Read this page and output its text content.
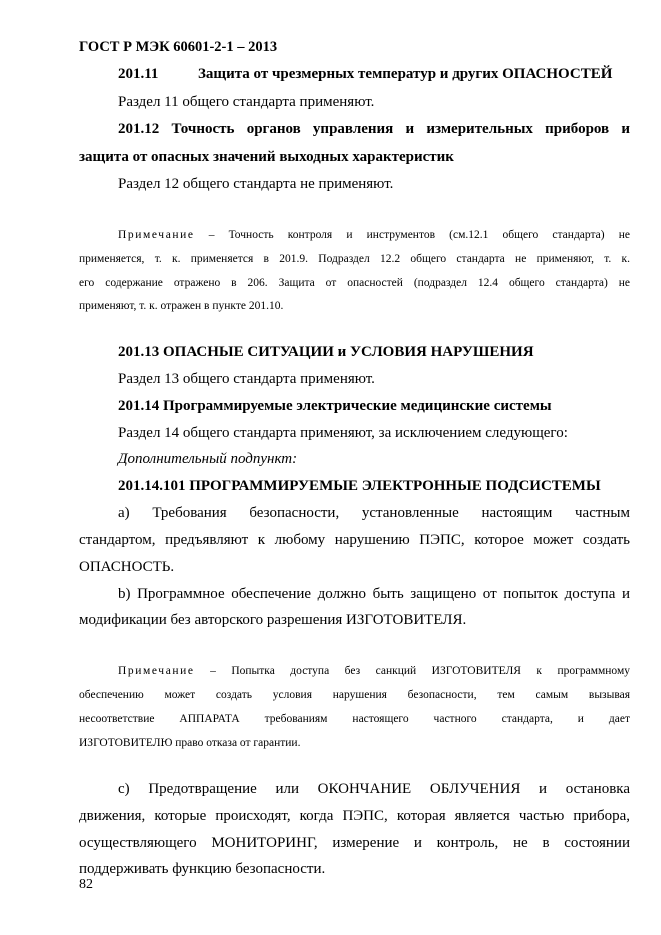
ГОСТ Р МЭК 60601-2-1 – 2013
201.11	Защита от чрезмерных температур и других ОПАСНОСТЕЙ
Раздел 11 общего стандарта применяют.
201.12 Точность органов управления и измерительных приборов и
защита от опасных значений выходных характеристик
Раздел 12 общего стандарта не применяют.
Примечание – Точность контроля и инструментов (см.12.1 общего стандарта) не
применяется, т. к. применяется в 201.9. Подраздел 12.2 общего стандарта не применяют, т. к.
его содержание отражено в 206. Защита от опасностей (подраздел 12.4 общего стандарта) не
применяют, т. к. отражен в пункте 201.10.
201.13 ОПАСНЫЕ СИТУАЦИИ и УСЛОВИЯ НАРУШЕНИЯ
Раздел 13 общего стандарта применяют.
201.14 Программируемые электрические медицинские системы
Раздел 14 общего стандарта применяют, за исключением следующего:
Дополнительный подпункт:
201.14.101 ПРОГРАММИРУЕМЫЕ ЭЛЕКТРОННЫЕ ПОДСИСТЕМЫ
а) Требования безопасности, установленные настоящим частным
стандартом, предъявляют к любому нарушению ПЭПС, которое может создать
ОПАСНОСТЬ.
b) Программное обеспечение должно быть защищено от попыток доступа и
модификации без авторского разрешения ИЗГОТОВИТЕЛЯ.
Примечание – Попытка доступа без санкций ИЗГОТОВИТЕЛЯ к программному
обеспечению может создать условия нарушения безопасности, тем самым вызывая
несоответствие АППАРАТА требованиям настоящего частного стандарта, и дает
ИЗГОТОВИТЕЛЮ право отказа от гарантии.
с) Предотвращение или ОКОНЧАНИЕ ОБЛУЧЕНИЯ и остановка
движения, которые происходят, когда ПЭПС, которая является частью прибора,
осуществляющего МОНИТОРИНГ, измерение и контроль, не в состоянии
поддерживать функцию безопасности.
82
